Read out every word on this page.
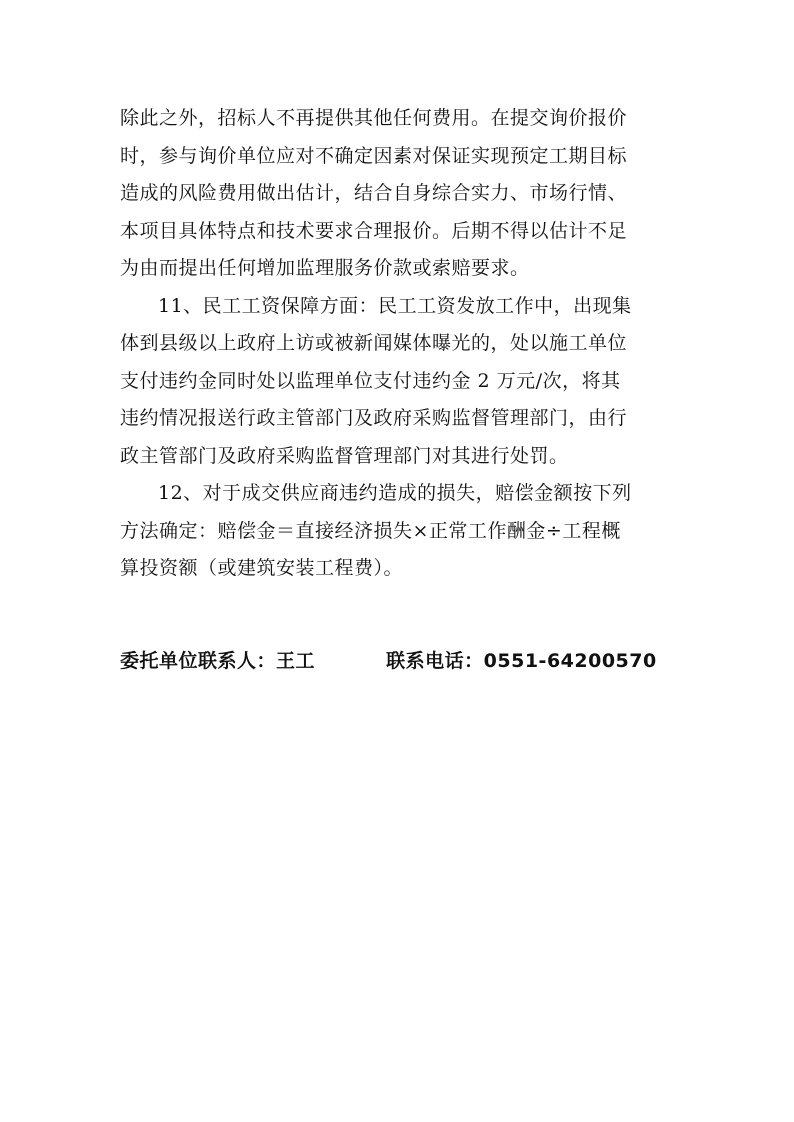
除此之外，招标人不再提供其他任何费用。在提交询价报价
时，参与询价单位应对不确定因素对保证实现预定工期目标
造成的风险费用做出估计，结合自身综合实力、市场行情、
本项目具体特点和技术要求合理报价。后期不得以估计不足
为由而提出任何增加监理服务价款或索赔要求。

11、民工工资保障方面：民工工资发放工作中，出现集
体到县级以上政府上访或被新闻媒体曝光的，处以施工单位
支付违约金同时处以监理单位支付违约金 2 万元/次，将其
违约情况报送行政主管部门及政府采购监督管理部门，由行
政主管部门及政府采购监督管理部门对其进行处罚。

12、对于成交供应商违约造成的损失，赔偿金额按下列
方法确定：赔偿金＝直接经济损失×正常工作酬金÷工程概
算投资额（或建筑安装工程费）。

委托单位联系人：王工	联系电话：0551-64200570
